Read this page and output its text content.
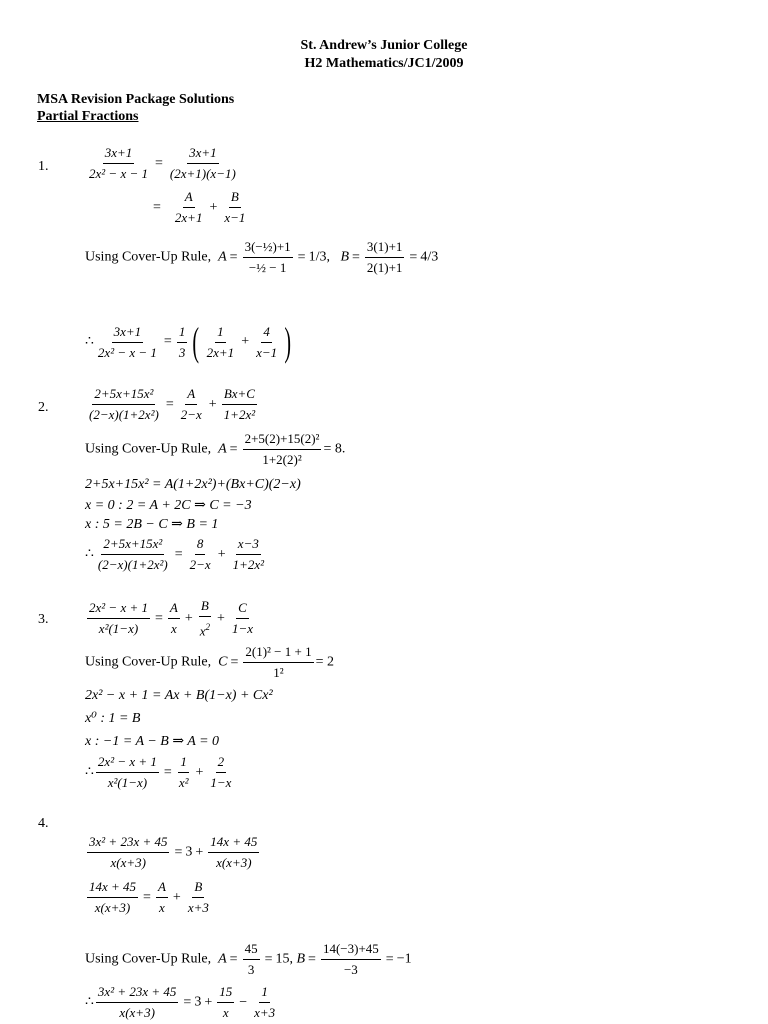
St. Andrew’s Junior College
H2 Mathematics/JC1/2009
MSA Revision Package Solutions
Partial Fractions
1.	$\frac{3x+1}{\text{2x² − x − 1}} = \frac{3x+1}{(2x+1)(x-1)}$
= $\frac{A}{2x+1} + \frac{B}{x-1}$
Using Cover-Up Rule,  $A = \frac{\text{3(−½)+1}}{\text{−½ − 1}} = 1/3$,   $B = \frac{3(1)+1}{2(1)+1} = 4/3$
∴ $\frac{3x+1}{\text{2x² − x − 1}} = \frac{1}{3}$ ( $\frac{1}{2x+1} + \frac{4}{x-1}$ )
2.	$\frac{\text{2+5x+15x²}}{\text{(2−x)(1+2x²)}} = \frac{A}{2-x} + \frac{Bx+C}{\text{1+2x²}}$
Using Cover-Up Rule,  $A = \frac{\text{2+5(2)+15(2)²}}{\text{1+2(2)²}} = 8$.
2+5x+15x² = A(1+2x²)+(Bx+C)(2−x)
x = 0 : 2 = A + 2C ⇒ C = −3
x : 5 = 2B − C ⇒ B = 1
∴ $\frac{\text{2+5x+15x²}}{\text{(2−x)(1+2x²)}} = \frac{8}{2-x} + \frac{x-3}{\text{1+2x²}}$
3.	$\frac{\text{2x² − x + 1}}{\text{x²(1−x)}} = \frac{A}{x} + \frac{B}{x^2} + \frac{C}{1-x}$
Using Cover-Up Rule,  $C = \frac{\text{2(1)² − 1 + 1}}{\text{1²}} = 2$
2x² − x + 1 = Ax + B(1−x) + Cx²
x⁰ : 1 = B
x : −1 = A − B ⇒ A = 0
∴ $\frac{\text{2x² − x + 1}}{\text{x²(1−x)}} = \frac{1}{\text{x²}} + \frac{2}{1-x}$
4.
$\frac{\text{3x² + 23x + 45}}{x(x+3)} = 3 + \frac{14x + 45}{x(x+3)}$
$\frac{14x + 45}{x(x+3)} = \frac{A}{x} + \frac{B}{x+3}$
Using Cover-Up Rule,  $A = \frac{45}{3} = 15$, $B = \frac{14(-3)+45}{-3} = -1$
∴ $\frac{\text{3x² + 23x + 45}}{x(x+3)} = 3 + \frac{15}{x} - \frac{1}{x+3}$
